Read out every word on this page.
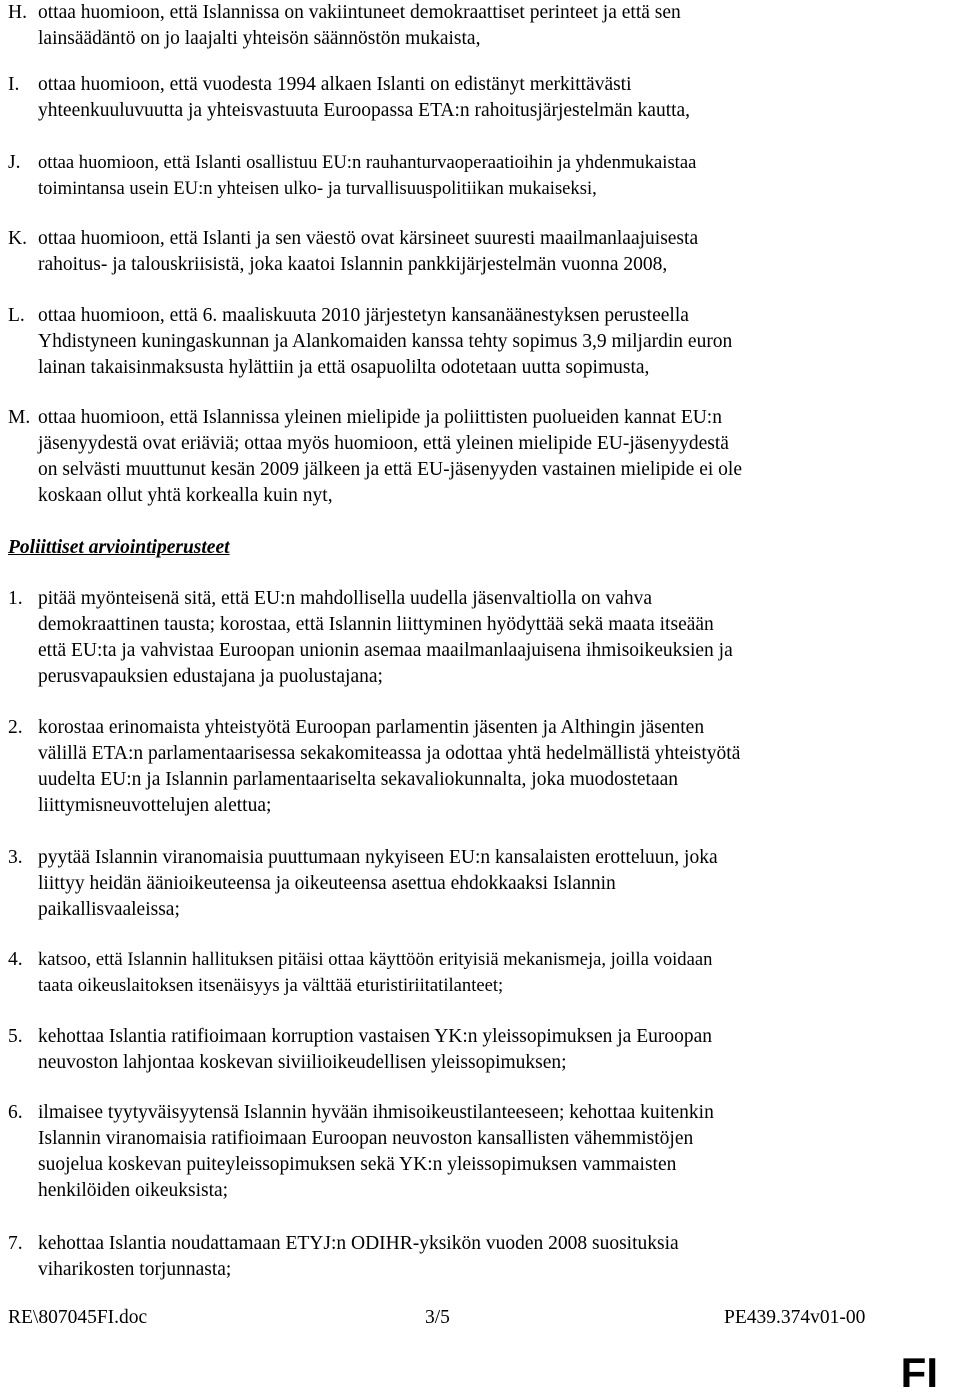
H. ottaa huomioon, että Islannissa on vakiintuneet demokraattiset perinteet ja että sen
lainsäädäntö on jo laajalti yhteisön säännöstön mukaista,
I. ottaa huomioon, että vuodesta 1994 alkaen Islanti on edistänyt merkittävästi
yhteenkuuluvuutta ja yhteisvastuuta Euroopassa ETA:n rahoitusjärjestelmän kautta,
J. ottaa huomioon, että Islanti osallistuu EU:n rauhanturvaoperaatioihin ja yhdenmukaistaa
toimintansa usein EU:n yhteisen ulko- ja turvallisuuspolitiikan mukaiseksi,
K. ottaa huomioon, että Islanti ja sen väestö ovat kärsineet suuresti maailmanlaajuisesta
rahoitus- ja talouskriisistä, joka kaatoi Islannin pankkijärjestelmän vuonna 2008,
L. ottaa huomioon, että 6. maaliskuuta 2010 järjestetyn kansanäänestyksen perusteella
Yhdistyneen kuningaskunnan ja Alankomaiden kanssa tehty sopimus 3,9 miljardin euron
lainan takaisinmaksusta hylättiin ja että osapuolilta odotetaan uutta sopimusta,
M. ottaa huomioon, että Islannissa yleinen mielipide ja poliittisten puolueiden kannat EU:n
jäsenyydestä ovat eriäviä; ottaa myös huomioon, että yleinen mielipide EU-jäsenyydestä
on selvästi muuttunut kesän 2009 jälkeen ja että EU-jäsenyyden vastainen mielipide ei ole
koskaan ollut yhtä korkealla kuin nyt,
Poliittiset arviointiperusteet
1. pitää myönteisenä sitä, että EU:n mahdollisella uudella jäsenvaltiolla on vahva
demokraattinen tausta; korostaa, että Islannin liittyminen hyödyttää sekä maata itseään
että EU:ta ja vahvistaa Euroopan unionin asemaa maailmanlaajuisena ihmisoikeuksien ja
perusvapauksien edustajana ja puolustajana;
2. korostaa erinomaista yhteistyötä Euroopan parlamentin jäsenten ja Althingin jäsenten
välillä ETA:n parlamentaarisessa sekakomiteassa ja odottaa yhtä hedelmällistä yhteistyötä
uudelta EU:n ja Islannin parlamentaariselta sekavaliokunnalta, joka muodostetaan
liittymisneuvottelujen alettua;
3. pyytää Islannin viranomaisia puuttumaan nykyiseen EU:n kansalaisten erotteluun, joka
liittyy heidän äänioikeuteensa ja oikeuteensa asettua ehdokkaaksi Islannin
paikallisvaaleissa;
4. katsoo, että Islannin hallituksen pitäisi ottaa käyttöön erityisiä mekanismeja, joilla voidaan
taata oikeuslaitoksen itsenäisyys ja välttää eturistiriitatilanteet;
5. kehottaa Islantia ratifioimaan korruption vastaisen YK:n yleissopimuksen ja Euroopan
neuvoston lahjontaa koskevan siviilioikeudellisen yleissopimuksen;
6. ilmaisee tyytyväisyytensä Islannin hyvään ihmisoikeustilanteeseen; kehottaa kuitenkin
Islannin viranomaisia ratifioimaan Euroopan neuvoston kansallisten vähemmistöjen
suojelua koskevan puiteyleissopimuksen sekä YK:n yleissopimuksen vammaisten
henkilöiden oikeuksista;
7. kehottaa Islantia noudattamaan ETYJ:n ODIHR-yksikön vuoden 2008 suosituksia
viharikosten torjunnasta;
RE\807045FI.doc	3/5	PE439.374v01-00
FI
